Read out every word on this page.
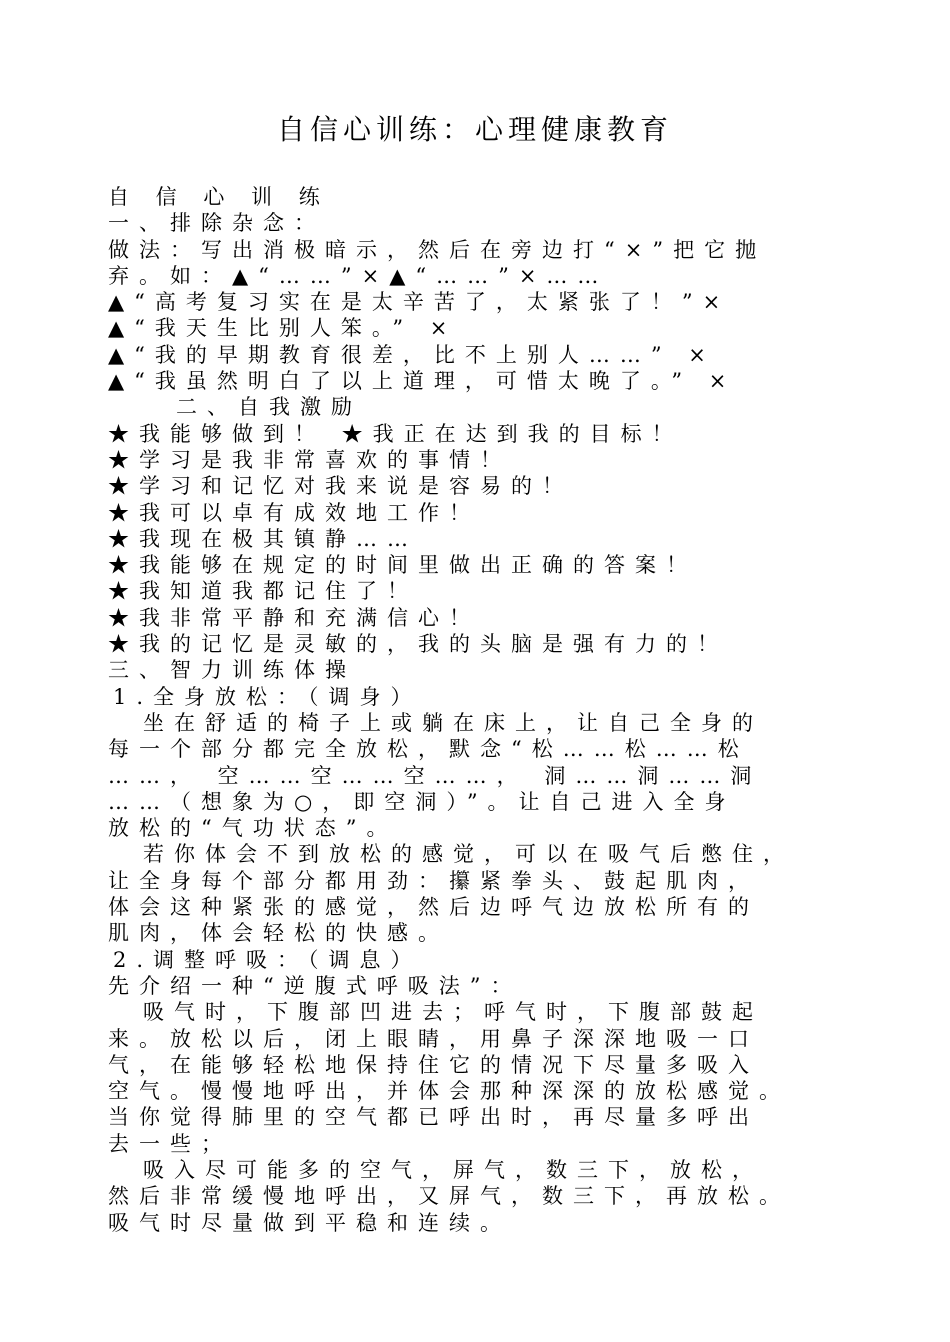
自信心训练：心理健康教育
自 信 心 训 练
一、排除杂念：
做法：写出消极暗示，然后在旁边打“×”把它抛
弃。如：▲“……”×▲“……”×……
▲“高考复习实在是太辛苦了，太紧张了！”×
▲“我天生比别人笨。” ×
▲“我的早期教育很差，比不上别人……” ×
▲“我虽然明白了以上道理，可惜太晚了。” ×
二、自我激励
★我能够做到！ ★我正在达到我的目标！
★学习是我非常喜欢的事情！
★学习和记忆对我来说是容易的！
★我可以卓有成效地工作！
★我现在极其镇静……
★我能够在规定的时间里做出正确的答案！
★我知道我都记住了！
★我非常平静和充满信心！
★我的记忆是灵敏的，我的头脑是强有力的！
三、智力训练体操
1.全身放松：（调身）
坐在舒适的椅子上或躺在床上，让自己全身的
每一个部分都完全放松，默念“松……松……松
……， 空……空……空……， 洞……洞……洞
……（想象为○，即空洞）”。让自己进入全身
放松的“气功状态”。
若你体会不到放松的感觉，可以在吸气后憋住，
让全身每个部分都用劲：攥紧拳头、鼓起肌肉，
体会这种紧张的感觉，然后边呼气边放松所有的
肌肉，体会轻松的快感。
2.调整呼吸：（调息）
先介绍一种“逆腹式呼吸法”：
吸气时，下腹部凹进去；呼气时，下腹部鼓起
来。放松以后，闭上眼睛，用鼻子深深地吸一口
气，在能够轻松地保持住它的情况下尽量多吸入
空气。慢慢地呼出，并体会那种深深的放松感觉。
当你觉得肺里的空气都已呼出时，再尽量多呼出
去一些；
吸入尽可能多的空气，屏气，数三下，放松，
然后非常缓慢地呼出，又屏气，数三下，再放松。
吸气时尽量做到平稳和连续。
